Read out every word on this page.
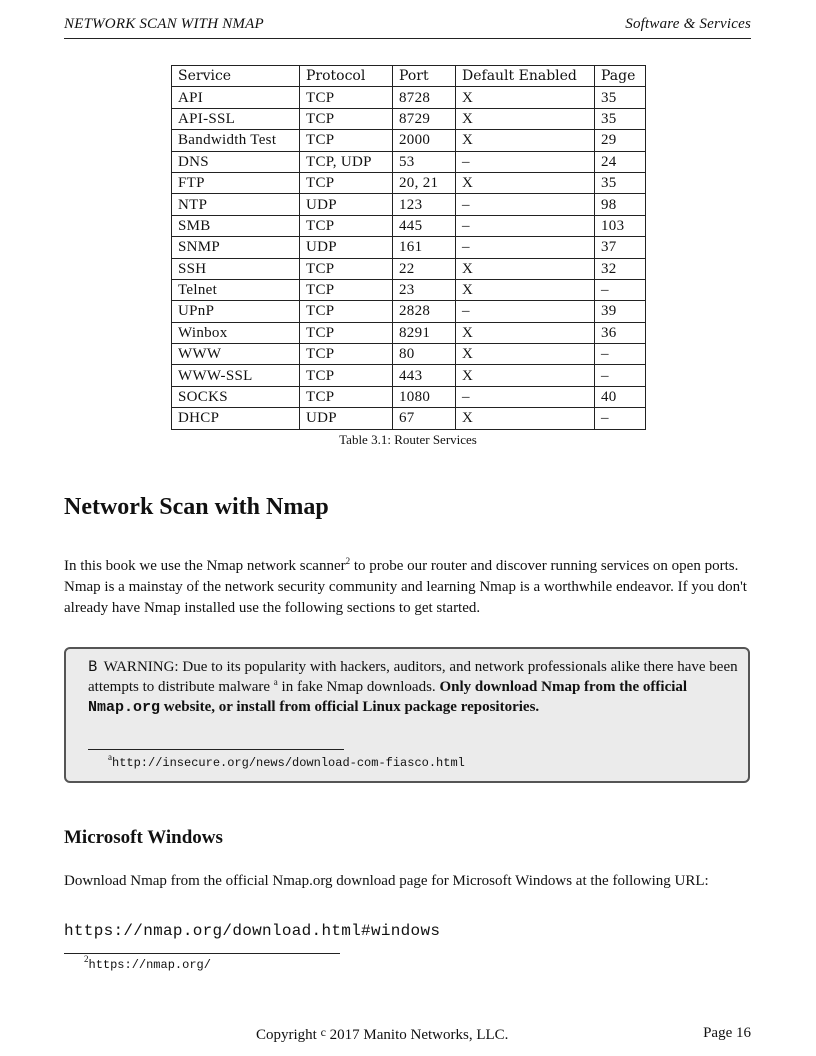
NETWORK SCAN WITH NMAP	Software & Services
Service	Protocol	Port	Default Enabled	Page
API	TCP	8728	X	35
API-SSL	TCP	8729	X	35
Bandwidth Test	TCP	2000	X	29
DNS	TCP, UDP	53	–	24
FTP	TCP	20, 21	X	35
NTP	UDP	123	–	98
SMB	TCP	445	–	103
SNMP	UDP	161	–	37
SSH	TCP	22	X	32
Telnet	TCP	23	X	–
UPnP	TCP	2828	–	39
Winbox	TCP	8291	X	36
WWW	TCP	80	X	–
WWW-SSL	TCP	443	X	–
SOCKS	TCP	1080	–	40
DHCP	UDP	67	X	–
Table 3.1: Router Services
Network Scan with Nmap

In this book we use the Nmap network scanner$^2$ to probe our router and discover running services on open ports. Nmap is a mainstay of the network security community and learning Nmap is a worthwhile endeavor. If you don't already have Nmap installed use the following sections to get started.

B WARNING: Due to its popularity with hackers, auditors, and network professionals alike there have been attempts to distribute malware $^a$ in fake Nmap downloads. Only download Nmap from the official Nmap.org website, or install from official Linux package repositories.
$^a$http://insecure.org/news/download-com-fiasco.html
Microsoft Windows

Download Nmap from the official Nmap.org download page for Microsoft Windows at the following URL:

https://nmap.org/download.html#windows
$^2$https://nmap.org/
Copyright $^c$ 2017 Manito Networks, LLC.	Page 16
